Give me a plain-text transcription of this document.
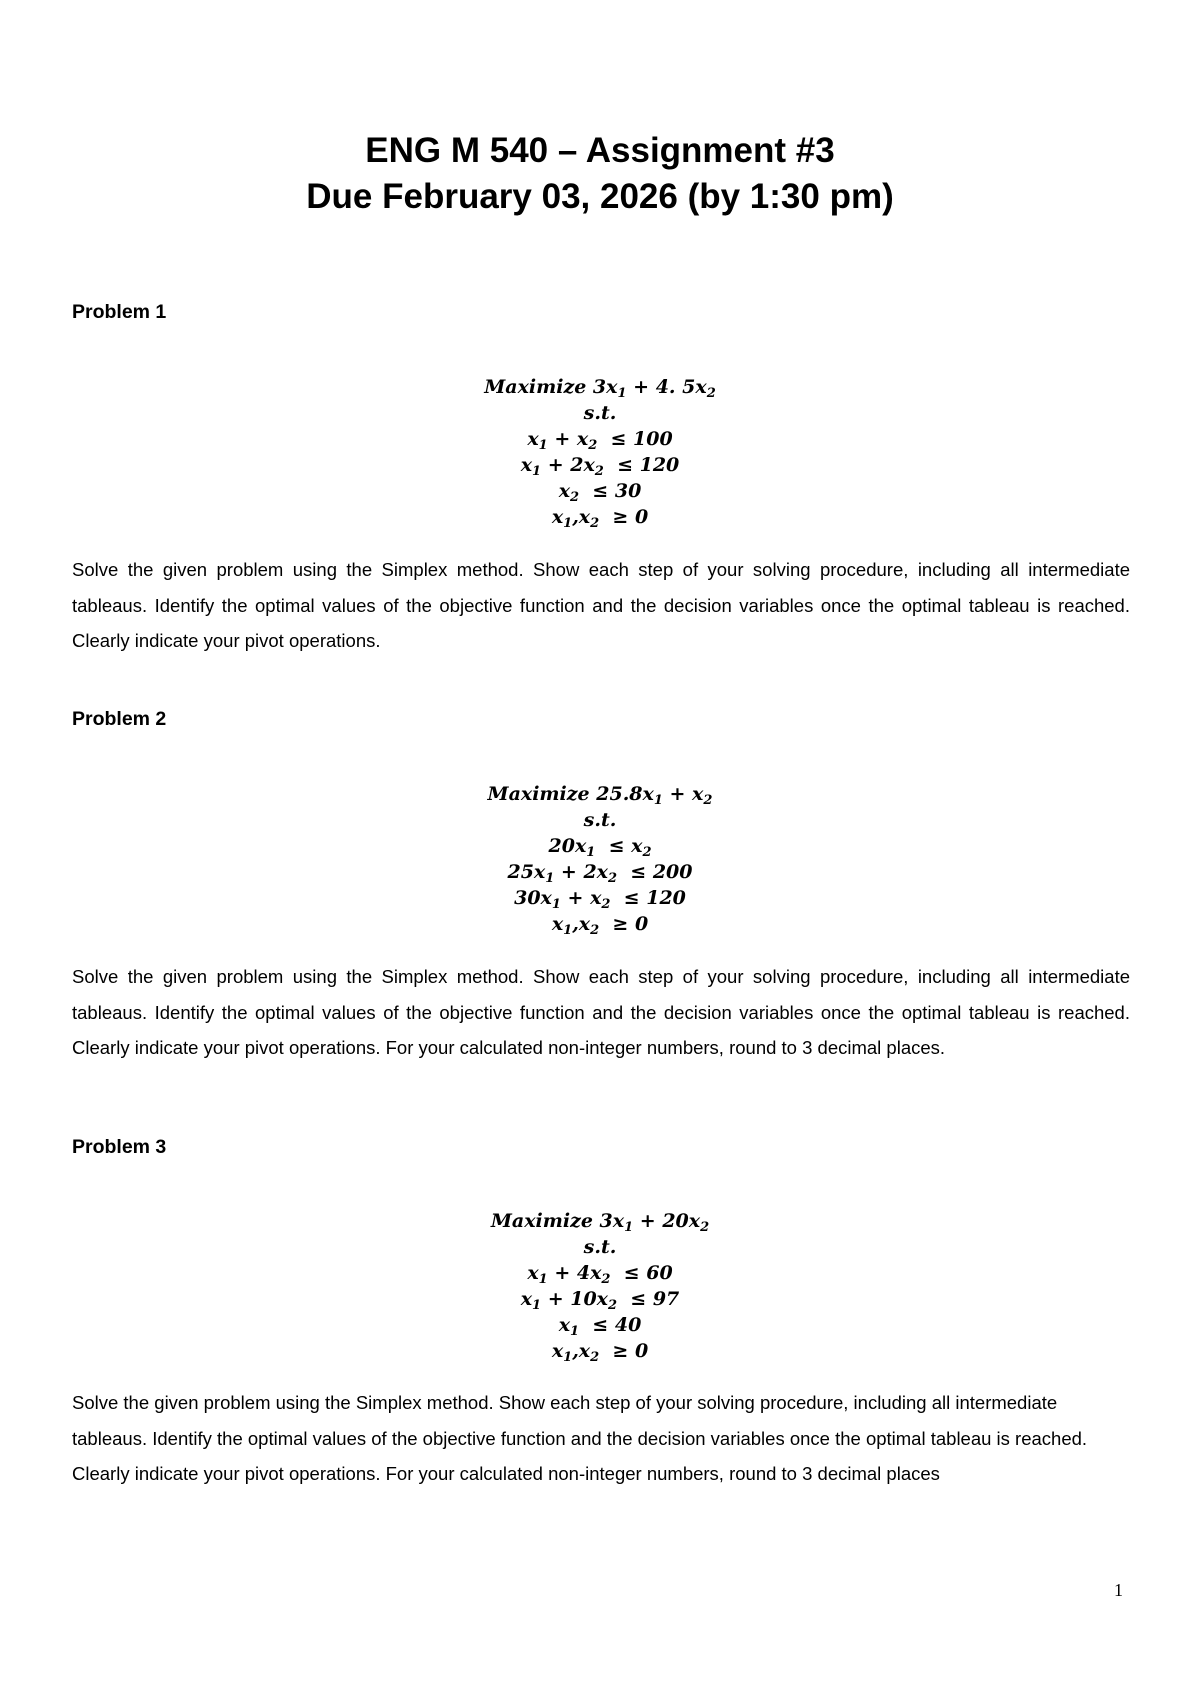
ENG M 540 – Assignment #3
Due February 03, 2026 (by 1:30 pm)
Problem 1
Maximize $3x_1 + 4$. $5x_2$
s.t.
$x_1 + x_2 \le 100$
$x_1 + 2x_2 \le 120$
$x_2 \le 30$
$x_1,x_2 \ge 0$
Solve the given problem using the Simplex method. Show each step of your solving procedure, including all intermediate tableaus. Identify the optimal values of the objective function and the decision variables once the optimal tableau is reached. Clearly indicate your pivot operations.
Problem 2
Maximize $25.8x_1 + x_2$
s.t.
$20x_1 \le x_2$
$25x_1 + 2x_2 \le 200$
$30x_1 + x_2 \le 120$
$x_1,x_2 \ge 0$
Solve the given problem using the Simplex method. Show each step of your solving procedure, including all intermediate tableaus. Identify the optimal values of the objective function and the decision variables once the optimal tableau is reached. Clearly indicate your pivot operations. For your calculated non-integer numbers, round to 3 decimal places.
Problem 3
Maximize $3x_1 + 20x_2$
s.t.
$x_1 + 4x_2 \le 60$
$x_1 + 10x_2 \le 97$
$x_1 \le 40$
$x_1,x_2 \ge 0$
Solve the given problem using the Simplex method. Show each step of your solving procedure, including all intermediate tableaus. Identify the optimal values of the objective function and the decision variables once the optimal tableau is reached. Clearly indicate your pivot operations. For your calculated non-integer numbers, round to 3 decimal places
1
